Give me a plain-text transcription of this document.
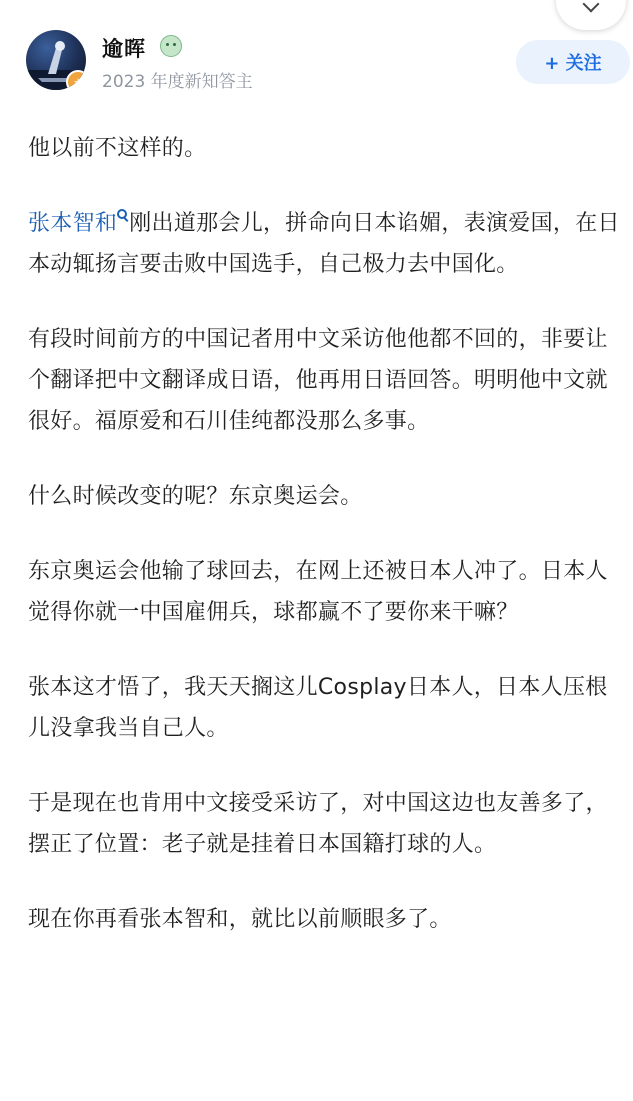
★
逾晖
2023 年度新知答主
+ 关注

他以前不这样的。

张本智和 刚出道那会儿，拼命向日本谄媚，表演爱国，在日本动辄扬言要击败中国选手，自己极力去中国化。

有段时间前方的中国记者用中文采访他他都不回的，非要让个翻译把中文翻译成日语，他再用日语回答。明明他中文就很好。福原爱和石川佳纯都没那么多事。

什么时候改变的呢？东京奥运会。

东京奥运会他输了球回去，在网上还被日本人冲了。日本人觉得你就一中国雇佣兵，球都赢不了要你来干嘛？

张本这才悟了，我天天搁这儿Cosplay日本人，日本人压根儿没拿我当自己人。

于是现在也肯用中文接受采访了，对中国这边也友善多了，摆正了位置：老子就是挂着日本国籍打球的人。

现在你再看张本智和，就比以前顺眼多了。
